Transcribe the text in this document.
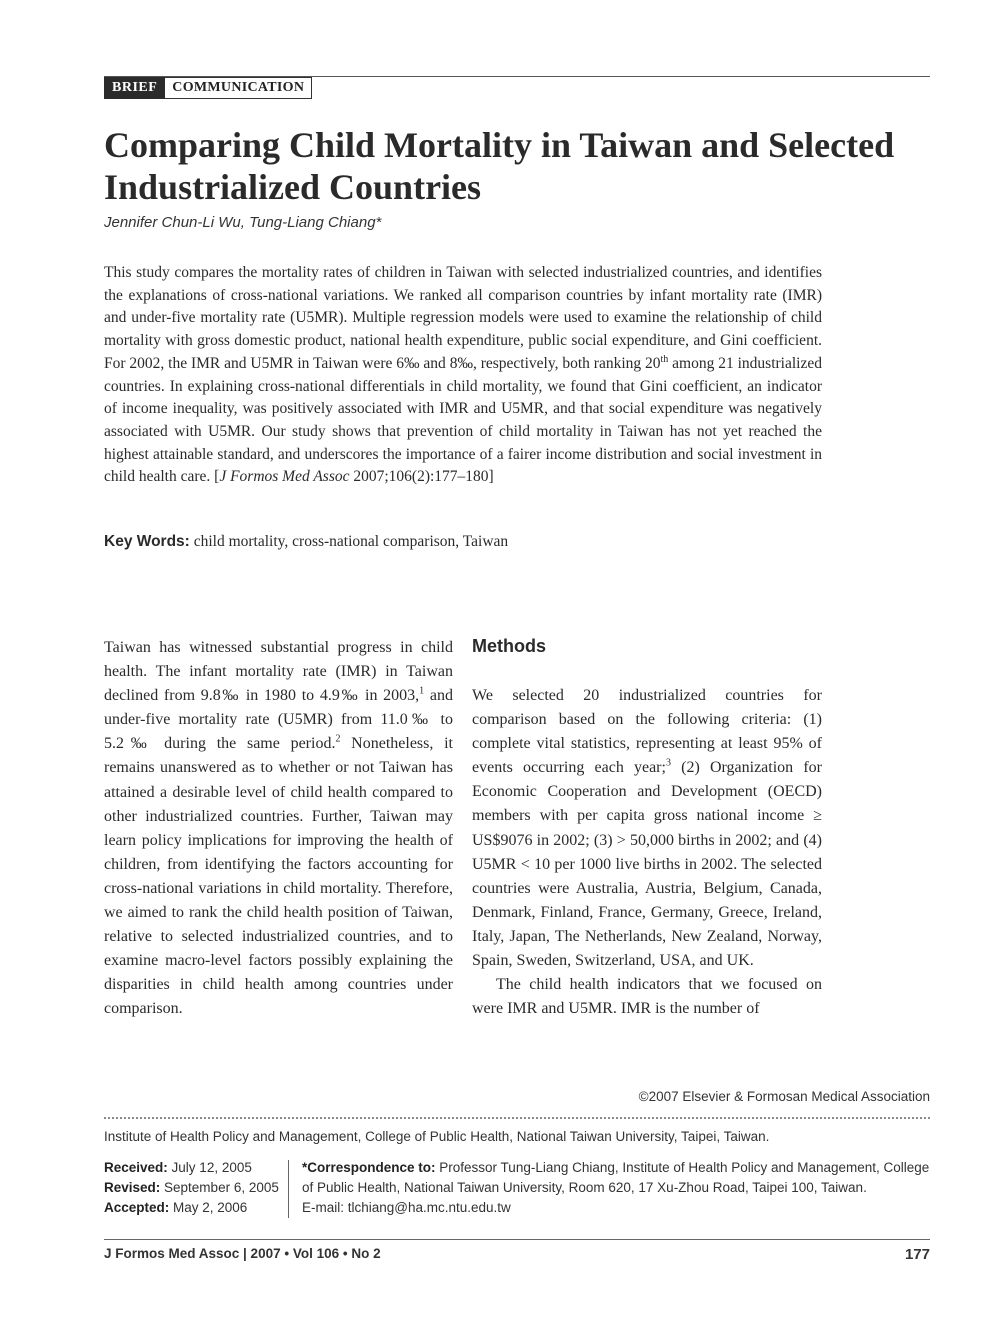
BRIEF	COMMUNICATION
Comparing Child Mortality in Taiwan and Selected Industrialized Countries
Jennifer Chun-Li Wu, Tung-Liang Chiang*

This study compares the mortality rates of children in Taiwan with selected industrialized countries, and identifies the explanations of cross-national variations. We ranked all comparison countries by infant mortality rate (IMR) and under-five mortality rate (U5MR). Multiple regression models were used to examine the relationship of child mortality with gross domestic product, national health expenditure, public social expenditure, and Gini coefficient. For 2002, the IMR and U5MR in Taiwan were 6‰ and 8‰, respectively, both ranking 20th among 21 industrialized countries. In explaining cross-national differentials in child mortality, we found that Gini coefficient, an indicator of income inequality, was positively associated with IMR and U5MR, and that social expenditure was negatively associated with U5MR. Our study shows that prevention of child mortality in Taiwan has not yet reached the highest attainable standard, and underscores the importance of a fairer income distribution and social investment in child health care. [J Formos Med Assoc 2007;106(2):177–180]

Key Words: child mortality, cross-national comparison, Taiwan

Taiwan has witnessed substantial progress in child health. The infant mortality rate (IMR) in Taiwan declined from 9.8‰ in 1980 to 4.9‰ in 2003,$^1$ and under-five mortality rate (U5MR) from 11.0‰ to 5.2‰ during the same period.$^2$ Nonetheless, it remains unanswered as to whether or not Taiwan has attained a desirable level of child health compared to other industrialized countries. Further, Taiwan may learn policy implications for improving the health of children, from identifying the factors accounting for cross-national variations in child mortality. Therefore, we aimed to rank the child health position of Taiwan, relative to selected industrialized countries, and to examine macro-level factors possibly explaining the disparities in child health among countries under comparison.

Methods

We selected 20 industrialized countries for comparison based on the following criteria: (1) complete vital statistics, representing at least 95% of events occurring each year;$^3$ (2) Organization for Economic Cooperation and Development (OECD) members with per capita gross national income ≥ US$9076 in 2002; (3) > 50,000 births in 2002; and (4) U5MR < 10 per 1000 live births in 2002. The selected countries were Australia, Austria, Belgium, Canada, Denmark, Finland, France, Germany, Greece, Ireland, Italy, Japan, The Netherlands, New Zealand, Norway, Spain, Sweden, Switzerland, USA, and UK.
The child health indicators that we focused on were IMR and U5MR. IMR is the number of

©2007 Elsevier & Formosan Medical Association
Institute of Health Policy and Management, College of Public Health, National Taiwan University, Taipei, Taiwan.
Received: July 12, 2005
Revised: September 6, 2005
Accepted: May 2, 2006
*Correspondence to: Professor Tung-Liang Chiang, Institute of Health Policy and Management, College of Public Health, National Taiwan University, Room 620, 17 Xu-Zhou Road, Taipei 100, Taiwan.
E-mail: tlchiang@ha.mc.ntu.edu.tw
J Formos Med Assoc | 2007 • Vol 106 • No 2	177
